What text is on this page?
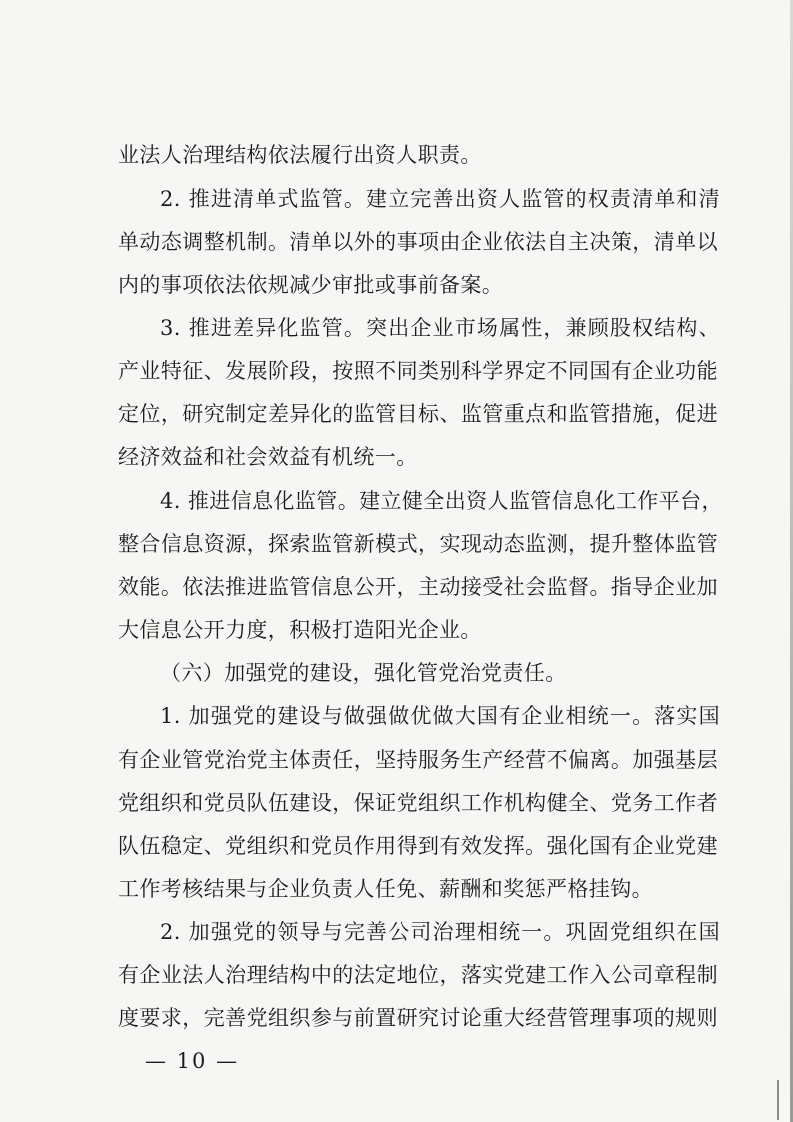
业法人治理结构依法履行出资人职责。
2. 推进清单式监管。建立完善出资人监管的权责清单和清
单动态调整机制。清单以外的事项由企业依法自主决策，清单以
内的事项依法依规减少审批或事前备案。
3. 推进差异化监管。突出企业市场属性，兼顾股权结构、
产业特征、发展阶段，按照不同类别科学界定不同国有企业功能
定位，研究制定差异化的监管目标、监管重点和监管措施，促进
经济效益和社会效益有机统一。
4. 推进信息化监管。建立健全出资人监管信息化工作平台，
整合信息资源，探索监管新模式，实现动态监测，提升整体监管
效能。依法推进监管信息公开，主动接受社会监督。指导企业加
大信息公开力度，积极打造阳光企业。
（六）加强党的建设，强化管党治党责任。
1. 加强党的建设与做强做优做大国有企业相统一。落实国
有企业管党治党主体责任，坚持服务生产经营不偏离。加强基层
党组织和党员队伍建设，保证党组织工作机构健全、党务工作者
队伍稳定、党组织和党员作用得到有效发挥。强化国有企业党建
工作考核结果与企业负责人任免、薪酬和奖惩严格挂钩。
2. 加强党的领导与完善公司治理相统一。巩固党组织在国
有企业法人治理结构中的法定地位，落实党建工作入公司章程制
度要求，完善党组织参与前置研究讨论重大经营管理事项的规则
— 10 —
